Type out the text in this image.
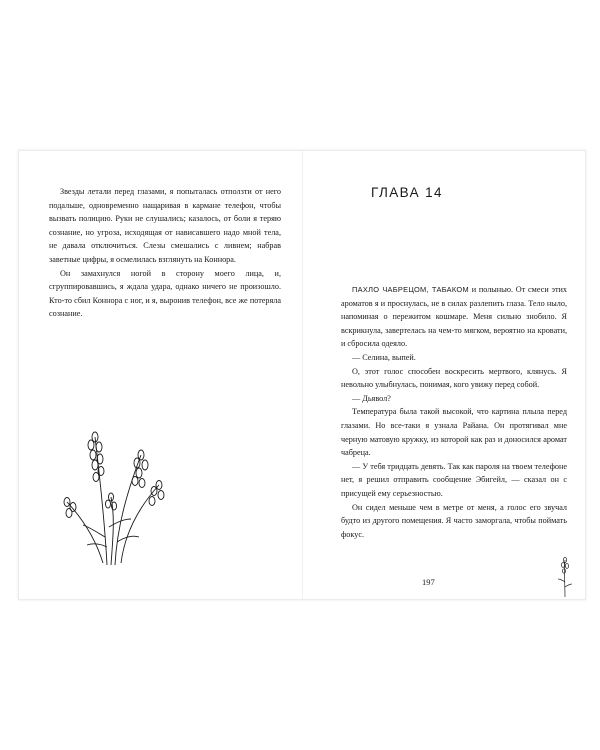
Звезды летали перед глазами, я попыталась отползти от него подальше, одновременно нащаривая в кармане телефон, чтобы вызвать полицию. Руки не слушались; казалось, от боли я теряю сознание, но угроза, исходящая от нависавшего надо мной тела, не давала отключиться. Слезы смешались с ливнем; набрав заветные цифры, я осмелилась взглянуть на Коннора.

Он замахнулся ногой в сторону моего лица, и, сгруппировавшись, я ждала удара, однако ничего не произошло. Кто-то сбил Коннора с ног, и я, выронив телефон, все же потеряла сознание.

ГЛАВА 14

ПАХЛО ЧАБРЕЦОМ, ТАБАКОМ и полынью. От смеси этих ароматов я и проснулась, не в силах разлепить глаза. Тело ныло, напоминая о пережитом кошмаре. Меня сильно знобило. Я вскрикнула, завертелась на чем-то мягком, вероятно на кровати, и сбросила одеяло.

— Селина, выпей.

О, этот голос способен воскресить мертвого, клянусь. Я невольно улыбнулась, понимая, кого увижу перед собой.

— Дьявол?

Температура была такой высокой, что картина плыла перед глазами. Но все-таки я узнала Райана. Он протягивал мне черную матовую кружку, из которой как раз и доносился аромат чабреца.

— У тебя тридцать девять. Так как пароля на твоем телефоне нет, я решил отправить сообщение Эбигейл, — сказал он с присущей ему серьезностью.

Он сидел меньше чем в метре от меня, а голос его звучал будто из другого помещения. Я часто заморгала, чтобы поймать фокус.

197
